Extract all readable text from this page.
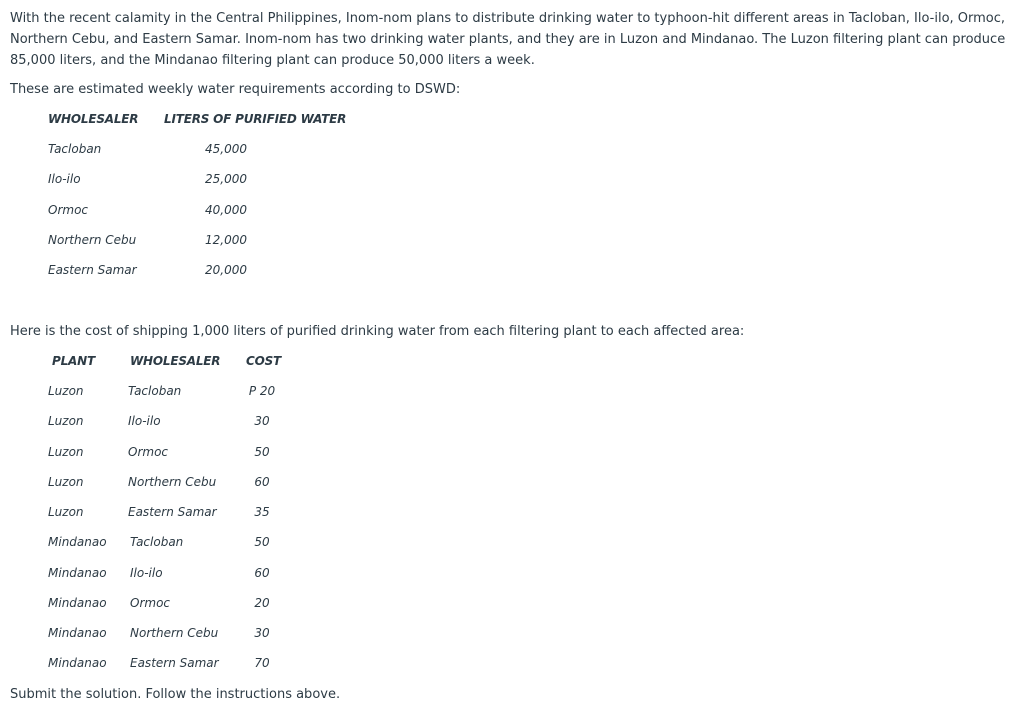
With the recent calamity in the Central Philippines, Inom-nom plans to distribute drinking water to typhoon-hit different areas in Tacloban, Ilo-ilo, Ormoc, Northern Cebu, and Eastern Samar. Inom-nom has two drinking water plants, and they are in Luzon and Mindanao. The Luzon filtering plant can produce 85,000 liters, and the Mindanao filtering plant can produce 50,000 liters a week.

These are estimated weekly water requirements according to DSWD:

WHOLESALER LITERS OF PURIFIED WATER
Tacloban	45,000
Ilo-ilo	25,000
Ormoc	40,000
Northern Cebu	12,000
Eastern Samar	20,000

Here is the cost of shipping 1,000 liters of purified drinking water from each filtering plant to each affected area:

PLANT	WHOLESALER COST
Luzon	Tacloban	P 20
Luzon	Ilo-ilo	30
Luzon	Ormoc	50
Luzon	Northern Cebu	60
Luzon	Eastern Samar	35
Mindanao Tacloban	50
Mindanao Ilo-ilo	60
Mindanao Ormoc	20
Mindanao Northern Cebu	30
Mindanao Eastern Samar	70

Submit the solution. Follow the instructions above.
